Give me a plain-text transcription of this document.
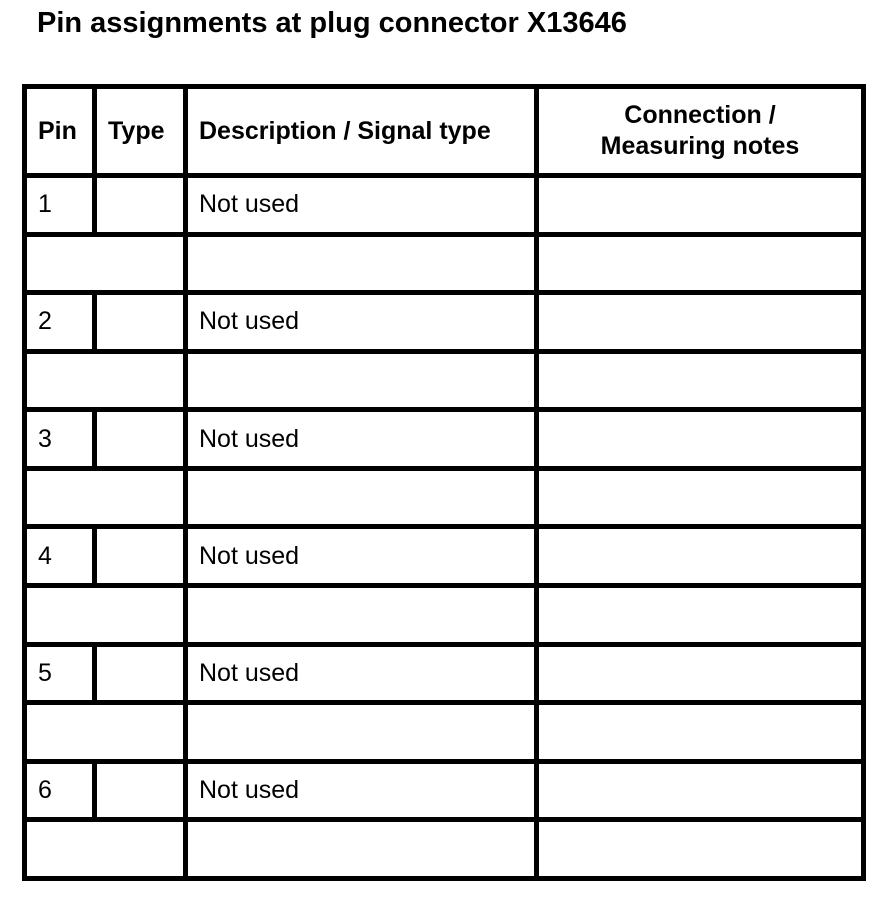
Pin assignments at plug connector X13646
Pin	Type	Description / Signal type	Connection /
Measuring notes

1		Not used	

2		Not used	

3		Not used	

4		Not used	

5		Not used	

6		Not used	
